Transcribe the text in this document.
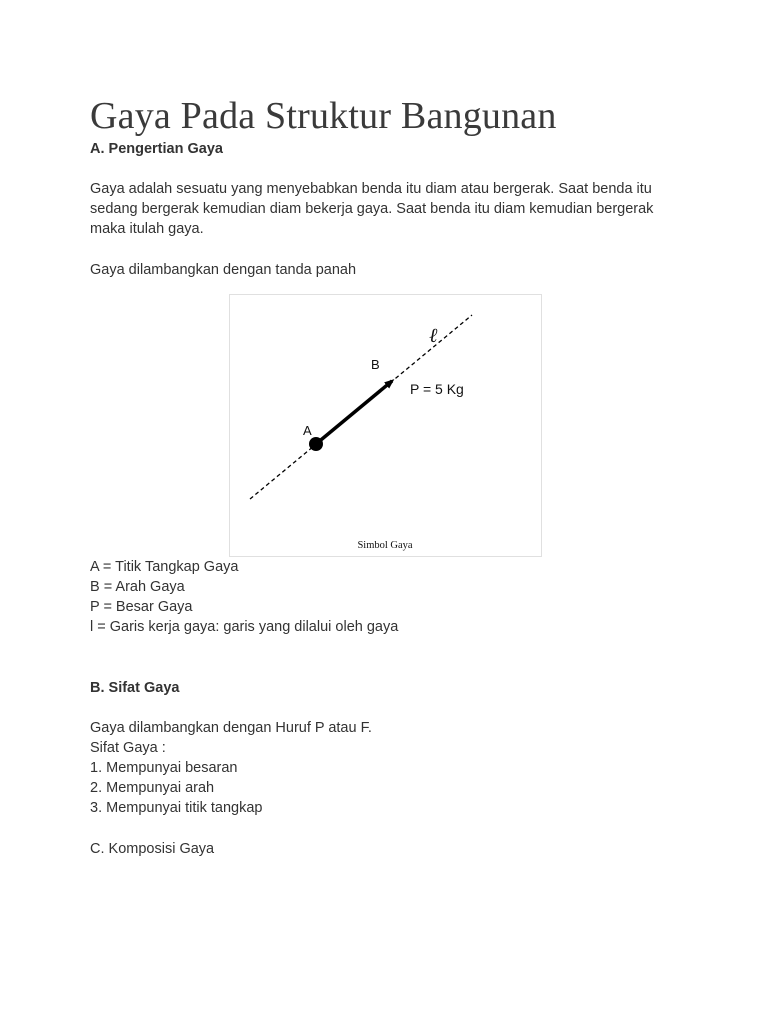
Gaya Pada Struktur Bangunan
A. Pengertian Gaya
Gaya adalah sesuatu yang menyebabkan benda itu diam atau bergerak. Saat benda itu
sedang bergerak kemudian diam bekerja gaya. Saat benda itu diam kemudian bergerak
maka itulah gaya.
Gaya dilambangkan dengan tanda panah
ℓ
B
P = 5 Kg
A
Simbol Gaya
A = Titik Tangkap Gaya
B = Arah Gaya
P = Besar Gaya
l = Garis kerja gaya: garis yang dilalui oleh gaya
B. Sifat Gaya
Gaya dilambangkan dengan Huruf P atau F.
Sifat Gaya :
1. Mempunyai besaran
2. Mempunyai arah
3. Mempunyai titik tangkap
C. Komposisi Gaya
